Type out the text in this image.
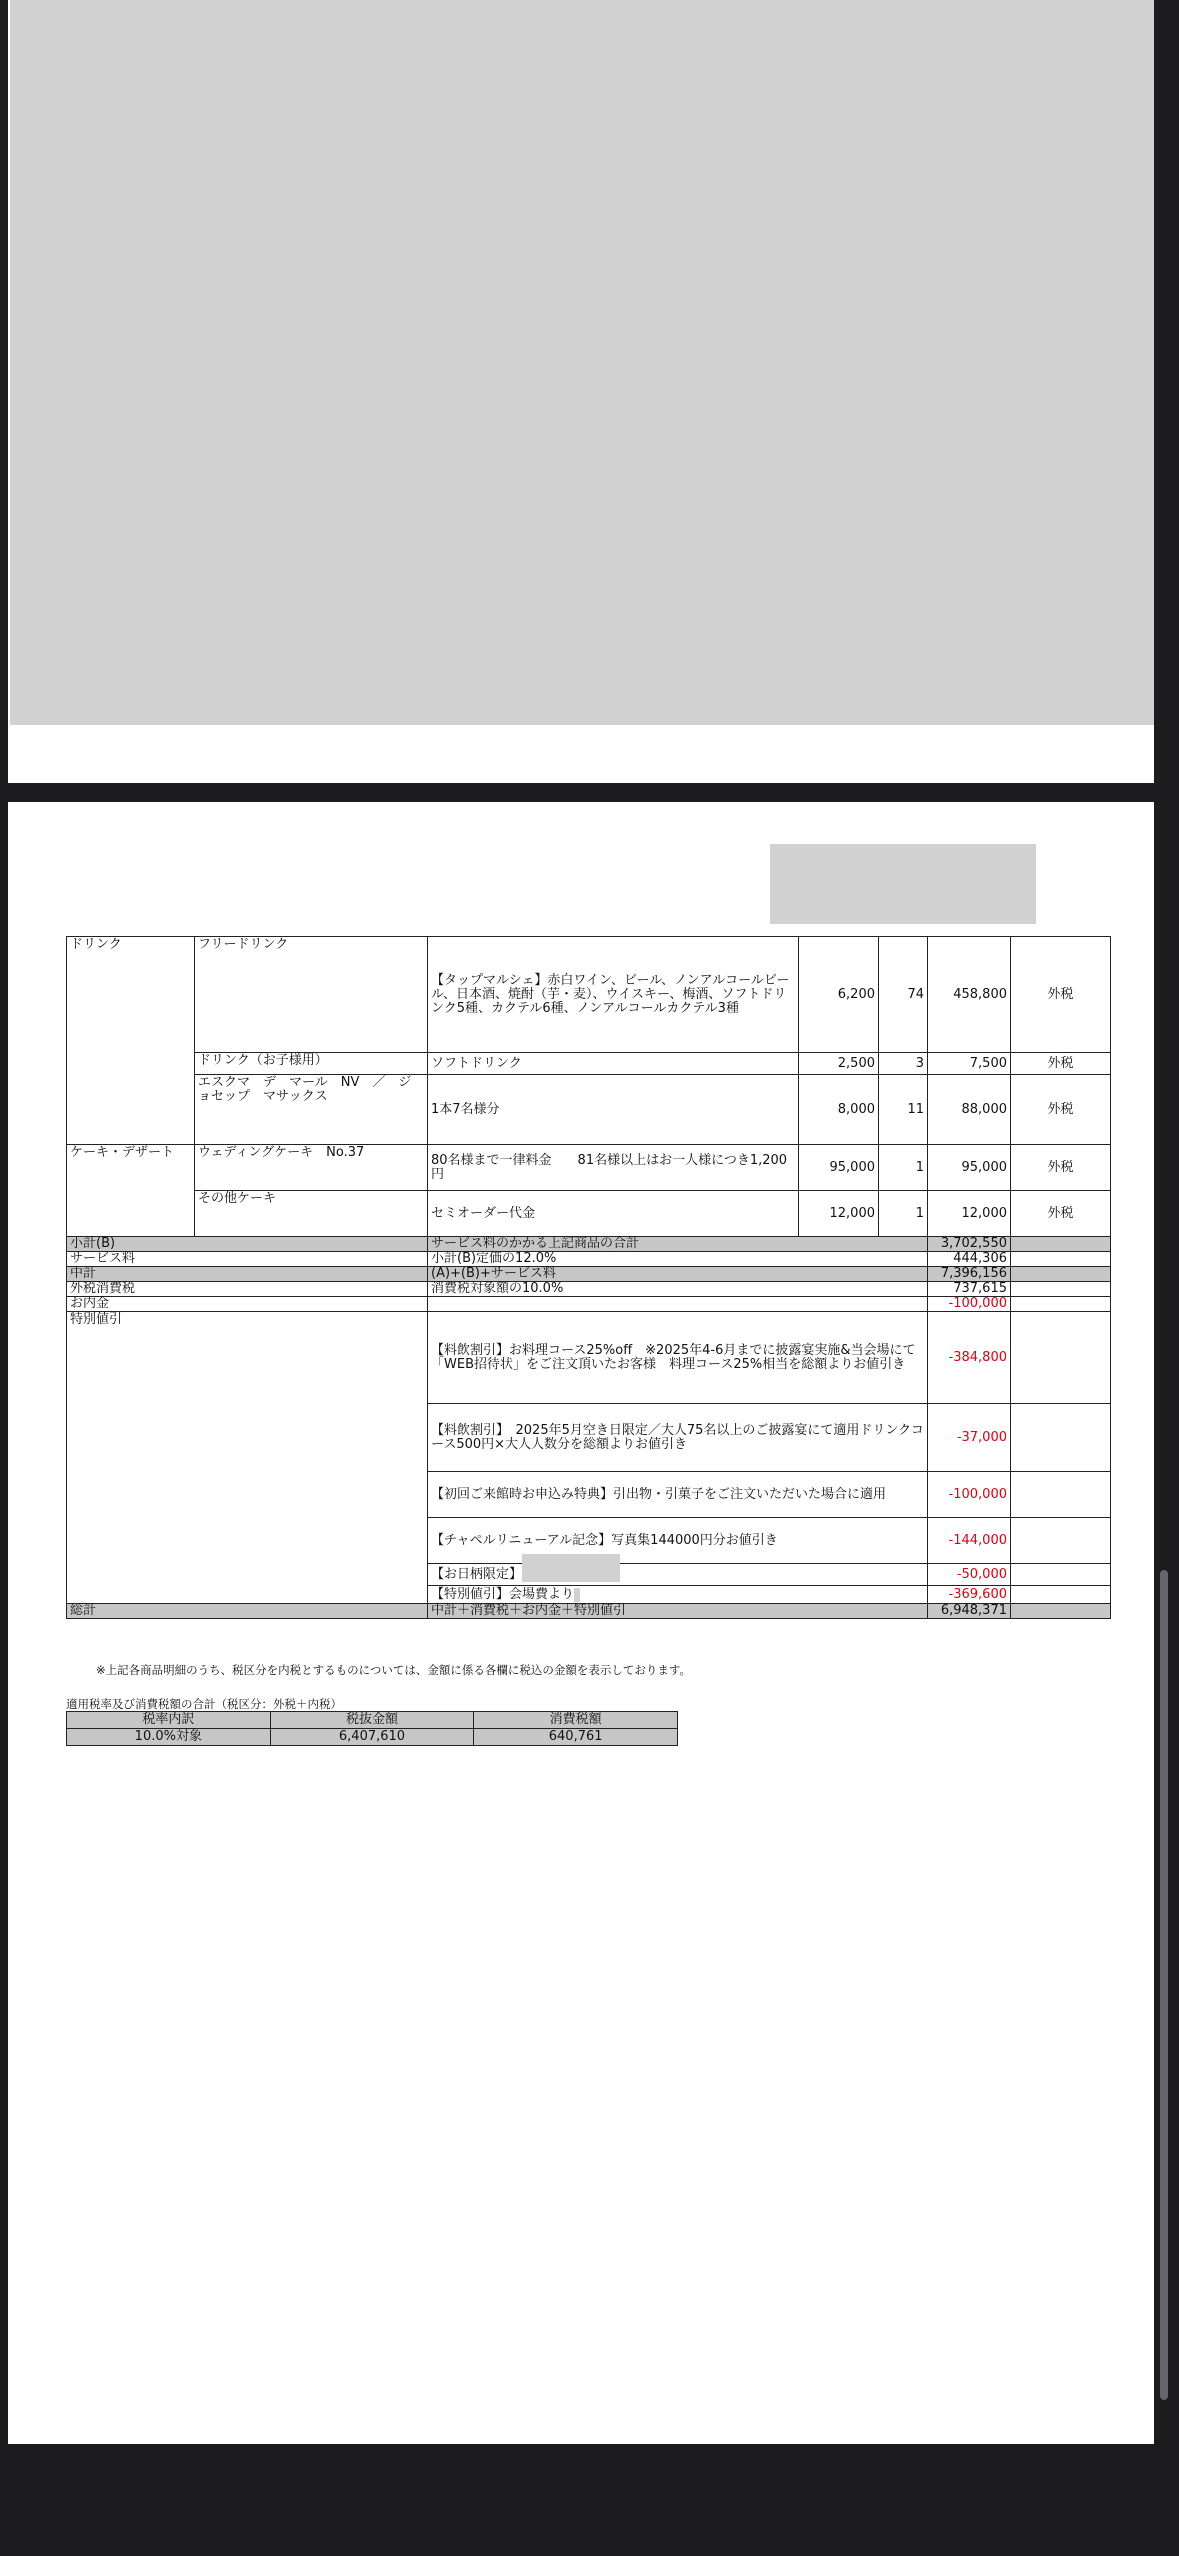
ドリンク	フリードリンク	【タップマルシェ】赤白ワイン、ビール、ノンアルコールビール、日本酒、焼酎（芋・麦）、ウイスキー、梅酒、ソフトドリンク5種、カクテル6種、ノンアルコールカクテル3種	6,200	74	458,800	外税
	ドリンク（お子様用）	ソフトドリンク	2,500	3	7,500	外税
	エスクマ　デ　マール　NV　／　ジョセップ　マサックス	1本7名様分	8,000	11	88,000	外税
ケーキ・デザート	ウェディングケーキ　No.37	80名様まで一律料金　　81名様以上はお一人様につき1,200円	95,000	1	95,000	外税
	その他ケーキ	セミオーダー代金	12,000	1	12,000	外税
小計(B)		サービス料のかかる上記商品の合計			3,702,550	
サービス料		小計(B)定価の12.0%			444,306	
中計		(A)+(B)+サービス料			7,396,156	
外税消費税		消費税対象額の10.0%			737,615	
お内金					-100,000	
特別値引		【料飲割引】お料理コース25%off　※2025年4-6月までに披露宴実施&当会場にて「WEB招待状」をご注文頂いたお客様　料理コース25%相当を総額よりお値引き			-384,800	
		【料飲割引】　2025年5月空き日限定／大人75名以上のご披露宴にて適用ドリンクコース500円×大人人数分を総額よりお値引き			-37,000	
		【初回ご来館時お申込み特典】引出物・引菓子をご注文いただいた場合に適用			-100,000	
		【チャペルリニューアル記念】写真集144000円分お値引き			-144,000	
		【お日柄限定】			-50,000	
		【特別値引】会場費より			-369,600	
総計		中計＋消費税＋お内金＋特別値引			6,948,371	
※上記各商品明細のうち、税区分を内税とするものについては、金額に係る各欄に税込の金額を表示しております。
適用税率及び消費税額の合計（税区分：外税＋内税）
税率内訳	税抜金額	消費税額
10.0%対象	6,407,610	640,761
